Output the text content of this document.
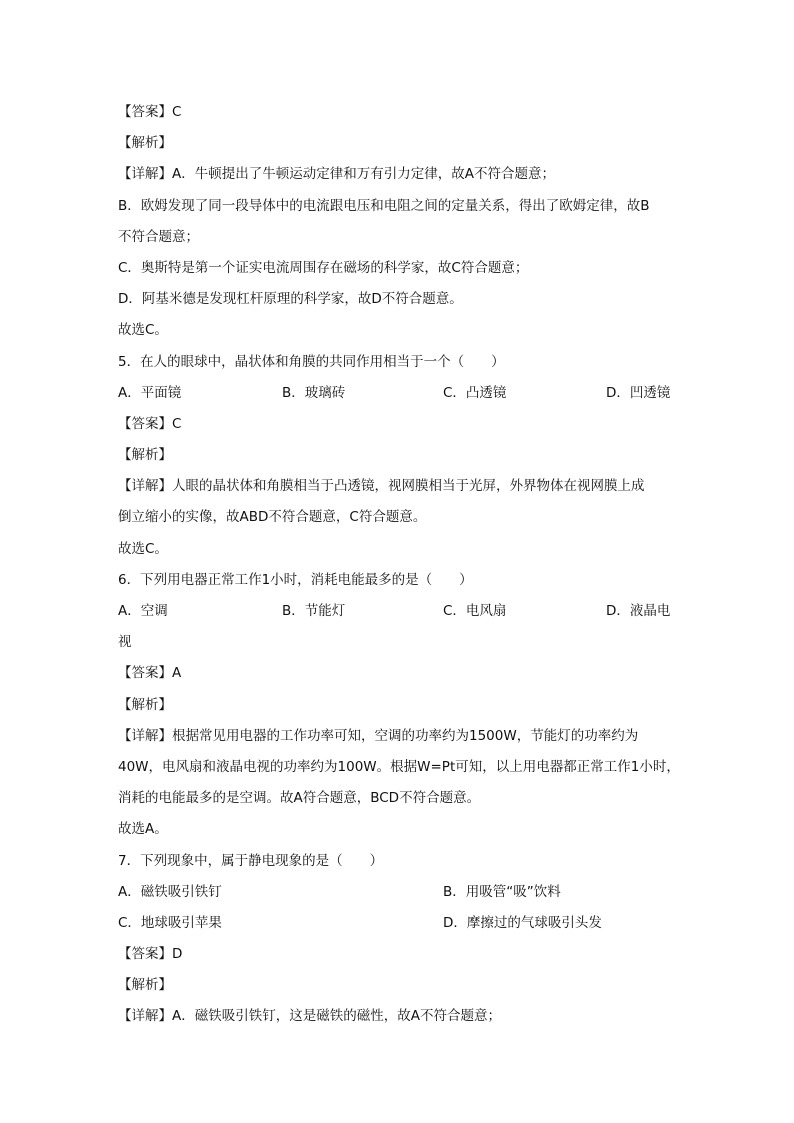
【答案】C
【解析】
【详解】A．牛顿提出了牛顿运动定律和万有引力定律，故A不符合题意；
B．欧姆发现了同一段导体中的电流跟电压和电阻之间的定量关系，得出了欧姆定律，故B
不符合题意；
C．奥斯特是第一个证实电流周围存在磁场的科学家，故C符合题意；
D．阿基米德是发现杠杆原理的科学家，故D不符合题意。
故选C。
5．在人的眼球中，晶状体和角膜的共同作用相当于一个（　　）
A．平面镜	B．玻璃砖	C．凸透镜	D．凹透镜
【答案】C
【解析】
【详解】人眼的晶状体和角膜相当于凸透镜，视网膜相当于光屏，外界物体在视网膜上成
倒立缩小的实像，故ABD不符合题意，C符合题意。
故选C。
6．下列用电器正常工作1小时，消耗电能最多的是（　　）
A．空调	B．节能灯	C．电风扇	D．液晶电
视
【答案】A
【解析】
【详解】根据常见用电器的工作功率可知，空调的功率约为1500W，节能灯的功率约为
40W，电风扇和液晶电视的功率约为100W。根据W=Pt可知，以上用电器都正常工作1小时，
消耗的电能最多的是空调。故A符合题意，BCD不符合题意。
故选A。
7．下列现象中，属于静电现象的是（　　）
A．磁铁吸引铁钉	B．用吸管“吸”饮料
C．地球吸引苹果	D．摩擦过的气球吸引头发
【答案】D
【解析】
【详解】A．磁铁吸引铁钉，这是磁铁的磁性，故A不符合题意；
